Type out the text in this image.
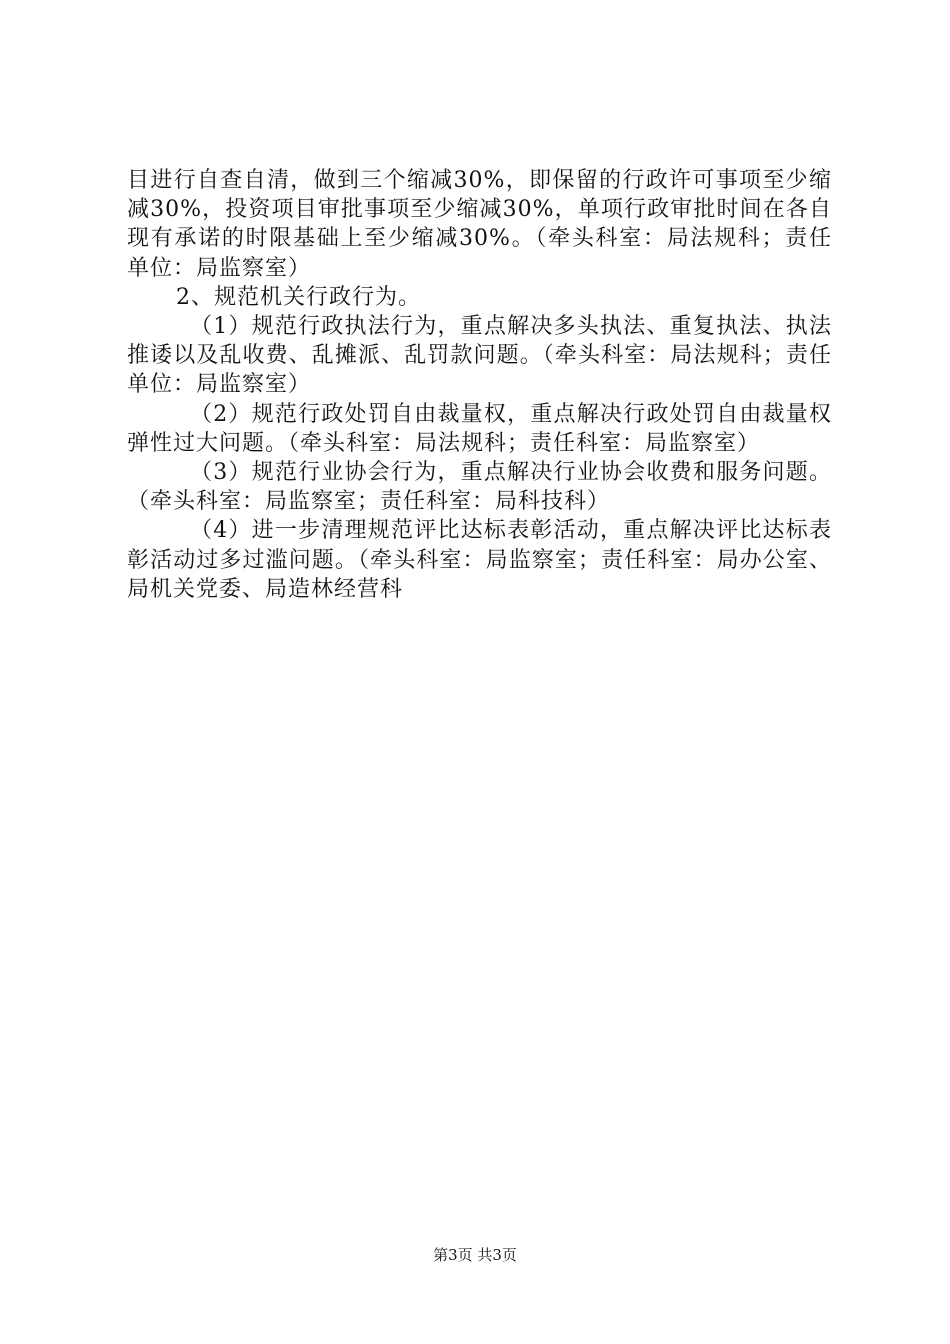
目进行自查自清，做到三个缩减30%，即保留的行政许可事项至少缩减30%，投资项目审批事项至少缩减30%，单项行政审批时间在各自现有承诺的时限基础上至少缩减30%。（牵头科室：局法规科；责任单位：局监察室）

2、规范机关行政行为。

（1）规范行政执法行为，重点解决多头执法、重复执法、执法推诿以及乱收费、乱摊派、乱罚款问题。（牵头科室：局法规科；责任单位：局监察室）

（2）规范行政处罚自由裁量权，重点解决行政处罚自由裁量权弹性过大问题。（牵头科室：局法规科；责任科室：局监察室）

（3）规范行业协会行为，重点解决行业协会收费和服务问题。（牵头科室：局监察室；责任科室：局科技科）

（4）进一步清理规范评比达标表彰活动，重点解决评比达标表彰活动过多过滥问题。（牵头科室：局监察室；责任科室：局办公室、局机关党委、局造林经营科

第3页 共3页
